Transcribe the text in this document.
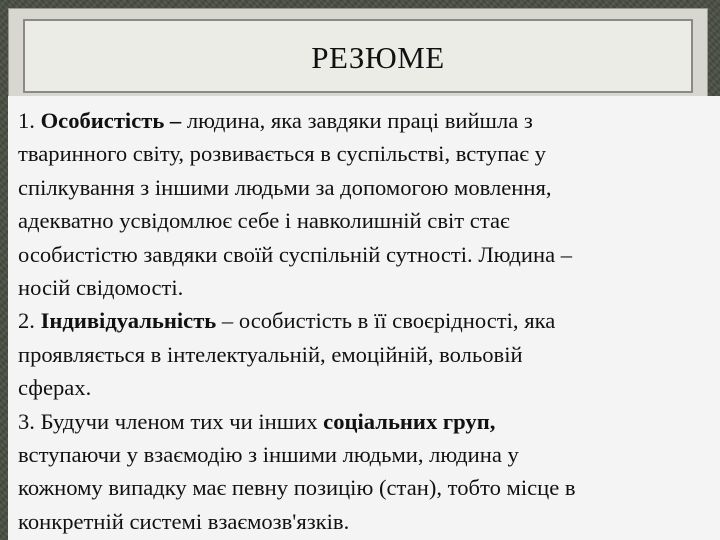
РЕЗЮМЕ

1. Особистість – людина, яка завдяки праці вийшла з

тваринного світу, розвивається в суспільстві, вступає у

спілкування з іншими людьми за допомогою мовлення,

адекватно усвідомлює себе і навколишній світ стає

особистістю завдяки своїй суспільній сутності. Людина –

носій свідомості.

2. Індивідуальність – особистість в її своєрідності, яка

проявляється в інтелектуальній, емоційній, вольовій

сферах.

3. Будучи членом тих чи інших соціальних груп,

вступаючи у взаємодію з іншими людьми, людина у

кожному випадку має певну позицію (стан), тобто місце в

конкретній системі взаємозв'язків.
